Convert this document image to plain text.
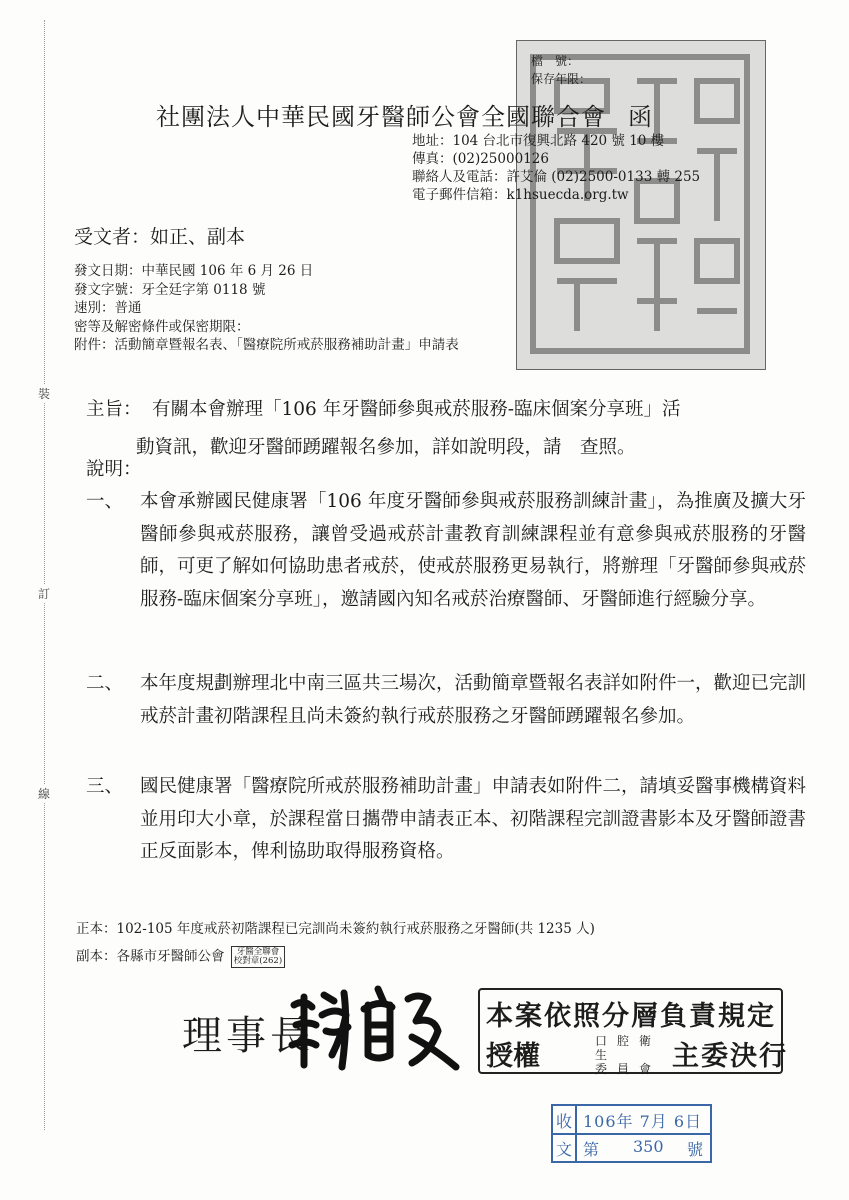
裝
訂
線
檔　號：
保存年限：
社團法人中華民國牙醫師公會全國聯合會 函
地址：104 台北市復興北路 420 號 10 樓
傳真：(02)25000126
聯絡人及電話：許艾倫 (02)2500-0133 轉 255
電子郵件信箱：k1hsuecda.org.tw
受文者：如正、副本
發文日期：中華民國 106 年 6 月 26 日
發文字號：牙全廷字第 0118 號
速別：普通
密等及解密條件或保密期限：
附件：活動簡章暨報名表、「醫療院所戒菸服務補助計畫」申請表
主旨： 有關本會辦理「106 年牙醫師參與戒菸服務-臨床個案分享班」活
動資訊，歡迎牙醫師踴躍報名參加，詳如說明段，請　查照。
說明：
一、 本會承辦國民健康署「106 年度牙醫師參與戒菸服務訓練計畫」，為推廣及擴大牙醫師參與戒菸服務，讓曾受過戒菸計畫教育訓練課程並有意參與戒菸服務的牙醫師，可更了解如何協助患者戒菸，使戒菸服務更易執行，將辦理「牙醫師參與戒菸服務-臨床個案分享班」，邀請國內知名戒菸治療醫師、牙醫師進行經驗分享。
二、 本年度規劃辦理北中南三區共三場次，活動簡章暨報名表詳如附件一，歡迎已完訓戒菸計畫初階課程且尚未簽約執行戒菸服務之牙醫師踴躍報名參加。
三、 國民健康署「醫療院所戒菸服務補助計畫」申請表如附件二，請填妥醫事機構資料並用印大小章，於課程當日攜帶申請表正本、初階課程完訓證書影本及牙醫師證書正反面影本，俾利協助取得服務資格。
正本：102-105 年度戒菸初階課程已完訓尚未簽約執行戒菸服務之牙醫師(共 1235 人)
副本：各縣市牙醫師公會 牙醫全聯會
校對章(262)
理事長	本案依照分層負責規定
授權	口 腔 衛生
委 員 會 主委決行
收
文
106年 7月 6日
第 350 號
